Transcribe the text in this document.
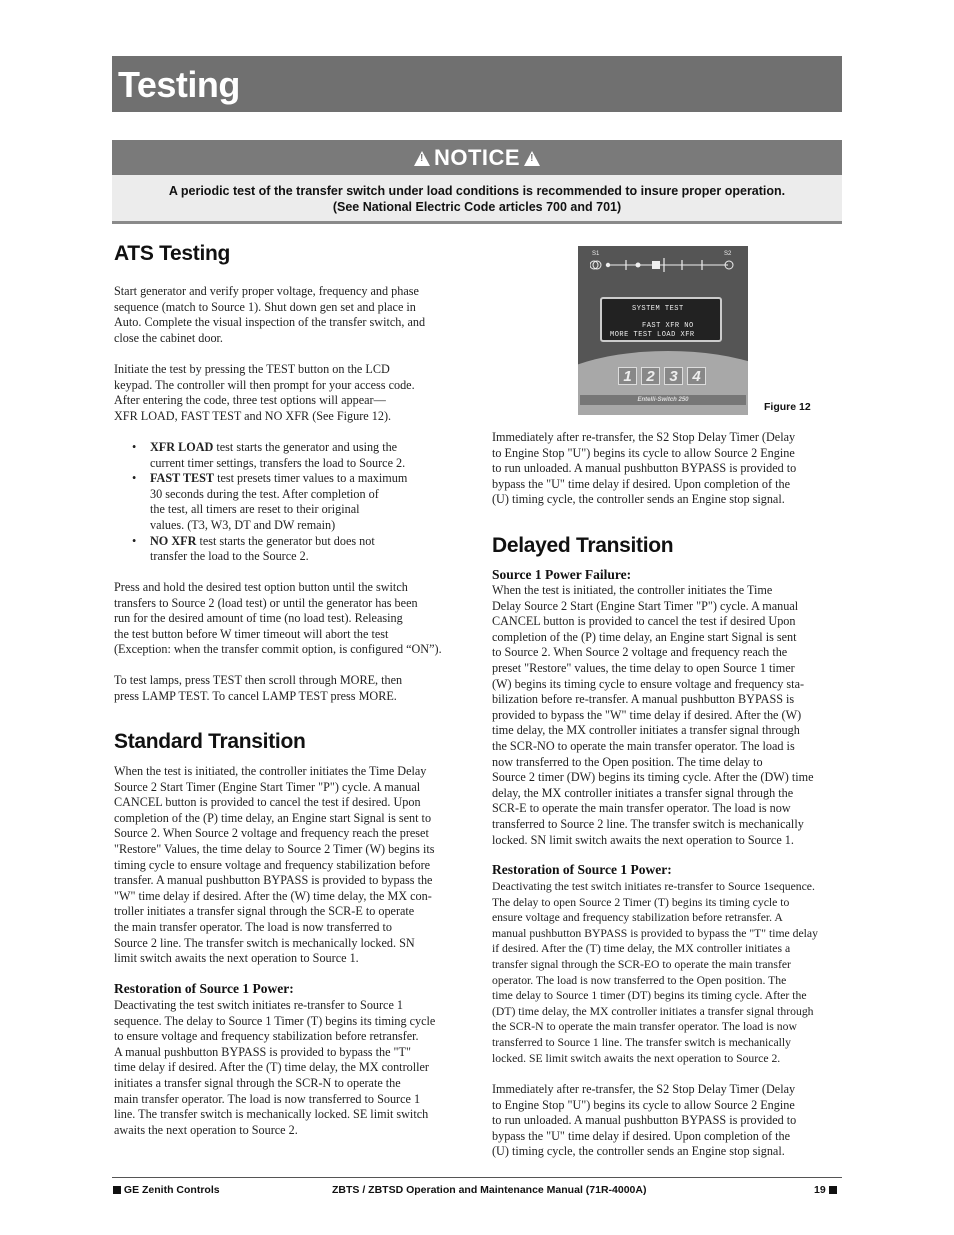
Testing
! NOTICE !

A periodic test of the transfer switch under load conditions is recommended to insure proper operation.

(See National Electric Code articles 700 and 701)

ATS Testing
Start generator and verify proper voltage, frequency and phase
sequence (match to Source 1). Shut down gen set and place in
Auto. Complete the visual inspection of the transfer switch, and
close the cabinet door.
Initiate the test by pressing the TEST button on the LCD
keypad. The controller will then prompt for your access code.
After entering the code, three test options will appear—
XFR LOAD, FAST TEST and NO XFR (See Figure 12).
• XFR LOAD test starts the generator and using the
current timer settings, transfers the load to Source 2.
• FAST TEST test presets timer values to a maximum
30 seconds during the test. After completion of
the test, all timers are reset to their original
values. (T3, W3, DT and DW remain)
• NO XFR test starts the generator but does not
transfer the load to the Source 2.
Press and hold the desired test option button until the switch
transfers to Source 2 (load test) or until the generator has been
run for the desired amount of time (no load test). Releasing
the test button before W timer timeout will abort the test
(Exception: when the transfer commit option, is configured “ON”).
To test lamps, press TEST then scroll through MORE, then
press LAMP TEST. To cancel LAMP TEST press MORE.
Standard Transition
When the test is initiated, the controller initiates the Time Delay
Source 2 Start Timer (Engine Start Timer "P") cycle. A manual
CANCEL button is provided to cancel the test if desired. Upon
completion of the (P) time delay, an Engine start Signal is sent to
Source 2. When Source 2 voltage and frequency reach the preset
"Restore" Values, the time delay to Source 2 Timer (W) begins its
timing cycle to ensure voltage and frequency stabilization before
transfer. A manual pushbutton BYPASS is provided to bypass the
"W" time delay if desired. After the (W) time delay, the MX con-
troller initiates a transfer signal through the SCR-E to operate
the main transfer operator. The load is now transferred to
Source 2 line. The transfer switch is mechanically locked. SN
limit switch awaits the next operation to Source 1.
Restoration of Source 1 Power:
Deactivating the test switch initiates re-transfer to Source 1
sequence. The delay to Source 1 Timer (T) begins its timing cycle
to ensure voltage and frequency stabilization before retransfer.
A manual pushbutton BYPASS is provided to bypass the "T"
time delay if desired. After the (T) time delay, the MX controller
initiates a transfer signal through the SCR-N to operate the
main transfer operator. The load is now transferred to Source 1
line. The transfer switch is mechanically locked. SE limit switch
awaits the next operation to Source 2.
S1	S2
SYSTEM TEST
FAST XFR NO
MORE TEST LOAD XFR
1 2 3 4
Entelli-Switch 250
Figure 12
Immediately after re-transfer, the S2 Stop Delay Timer (Delay
to Engine Stop "U") begins its cycle to allow Source 2 Engine
to run unloaded. A manual pushbutton BYPASS is provided to
bypass the "U" time delay if desired. Upon completion of the
(U) timing cycle, the controller sends an Engine stop signal.
Delayed Transition
Source 1 Power Failure:
When the test is initiated, the controller initiates the Time
Delay Source 2 Start (Engine Start Timer "P") cycle. A manual
CANCEL button is provided to cancel the test if desired Upon
completion of the (P) time delay, an Engine start Signal is sent
to Source 2. When Source 2 voltage and frequency reach the
preset "Restore" values, the time delay to open Source 1 timer
(W) begins its timing cycle to ensure voltage and frequency sta-
bilization before re-transfer. A manual pushbutton BYPASS is
provided to bypass the "W" time delay if desired. After the (W)
time delay, the MX controller initiates a transfer signal through
the SCR-NO to operate the main transfer operator. The load is
now transferred to the Open position. The time delay to
Source 2 timer (DW) begins its timing cycle. After the (DW) time
delay, the MX controller initiates a transfer signal through the
SCR-E to operate the main transfer operator. The load is now
transferred to Source 2 line. The transfer switch is mechanically
locked. SN limit switch awaits the next operation to Source 1.
Restoration of Source 1 Power:
Deactivating the test switch initiates re-transfer to Source 1sequence.
The delay to open Source 2 Timer (T) begins its timing cycle to
ensure voltage and frequency stabilization before retransfer. A
manual pushbutton BYPASS is provided to bypass the "T" time delay
if desired. After the (T) time delay, the MX controller initiates a
transfer signal through the SCR-EO to operate the main transfer
operator. The load is now transferred to the Open position. The
time delay to Source 1 timer (DT) begins its timing cycle. After the
(DT) time delay, the MX controller initiates a transfer signal through
the SCR-N to operate the main transfer operator. The load is now
transferred to Source 1 line. The transfer switch is mechanically
locked. SE limit switch awaits the next operation to Source 2.
Immediately after re-transfer, the S2 Stop Delay Timer (Delay
to Engine Stop "U") begins its cycle to allow Source 2 Engine
to run unloaded. A manual pushbutton BYPASS is provided to
bypass the "U" time delay if desired. Upon completion of the
(U) timing cycle, the controller sends an Engine stop signal.
GE Zenith Controls	ZBTS / ZBTSD Operation and Maintenance Manual (71R-4000A)	19
